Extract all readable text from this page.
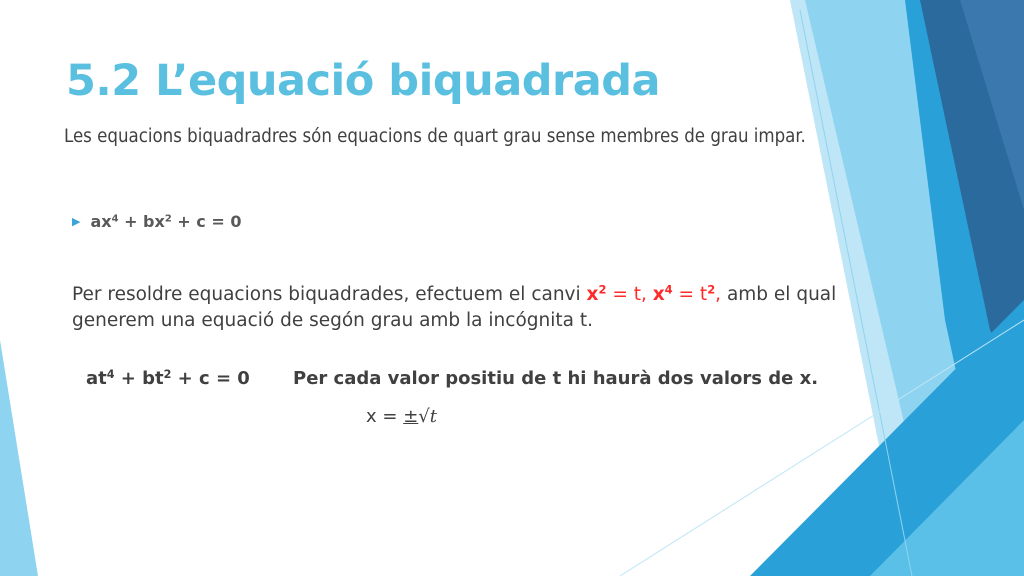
5.2 L’equació biquadrada
Les equacions biquadradres són equacions de quart grau sense membres de grau impar.
▶ $ax^4 + bx^2 + c = 0$
Per resoldre equacions biquadrades, efectuem el canvi $x^2 = t$, $x^4 = t^2$, amb el qual generem una equació de segón grau amb la incógnita t.
$at^4 + bt^2 + c = 0$ Per cada valor positiu de t hi haurà dos valors de x.
x = ±√t
